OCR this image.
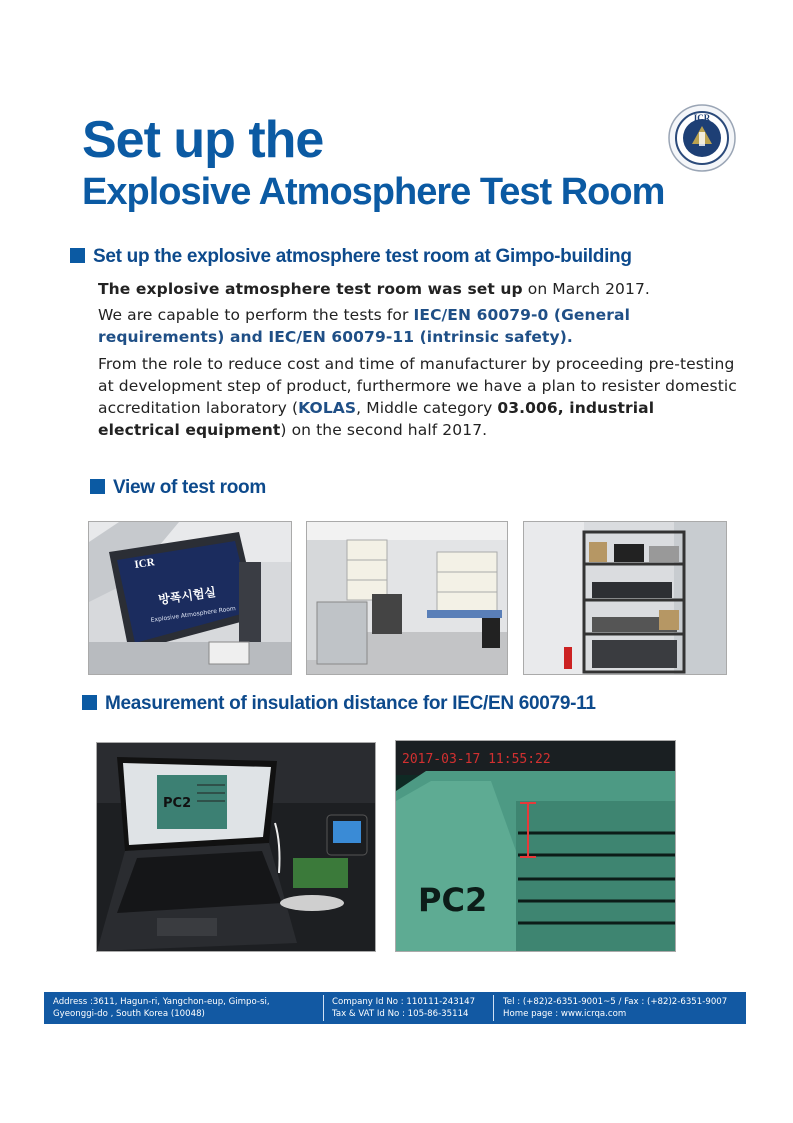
Set up the
Explosive Atmosphere Test Room
ICR
Set up the explosive atmosphere test room at Gimpo-building
The explosive atmosphere test room was set up on March 2017.
We are capable to perform the tests for IEC/EN 60079-0 (General requirements) and IEC/EN 60079-11 (intrinsic safety).
From the role to reduce cost and time of manufacturer by proceeding pre-testing at development step of product, furthermore we have a plan to resister domestic accreditation laboratory (KOLAS, Middle category 03.006, industrial electrical equipment) on the second half 2017.
View of test room
ICR
방폭시험실
Explosive Atmosphere Room
Measurement of insulation distance for IEC/EN 60079-11
PC2
PC2
2017-03-17 11:55:22
Address :3611, Hagun-ri, Yangchon-eup, Gimpo-si,
Gyeonggi-do , South Korea (10048)
Company Id No : 110111-243147
Tax & VAT Id No : 105-86-35114
Tel : (+82)2-6351-9001~5 / Fax : (+82)2-6351-9007
Home page : www.icrqa.com
